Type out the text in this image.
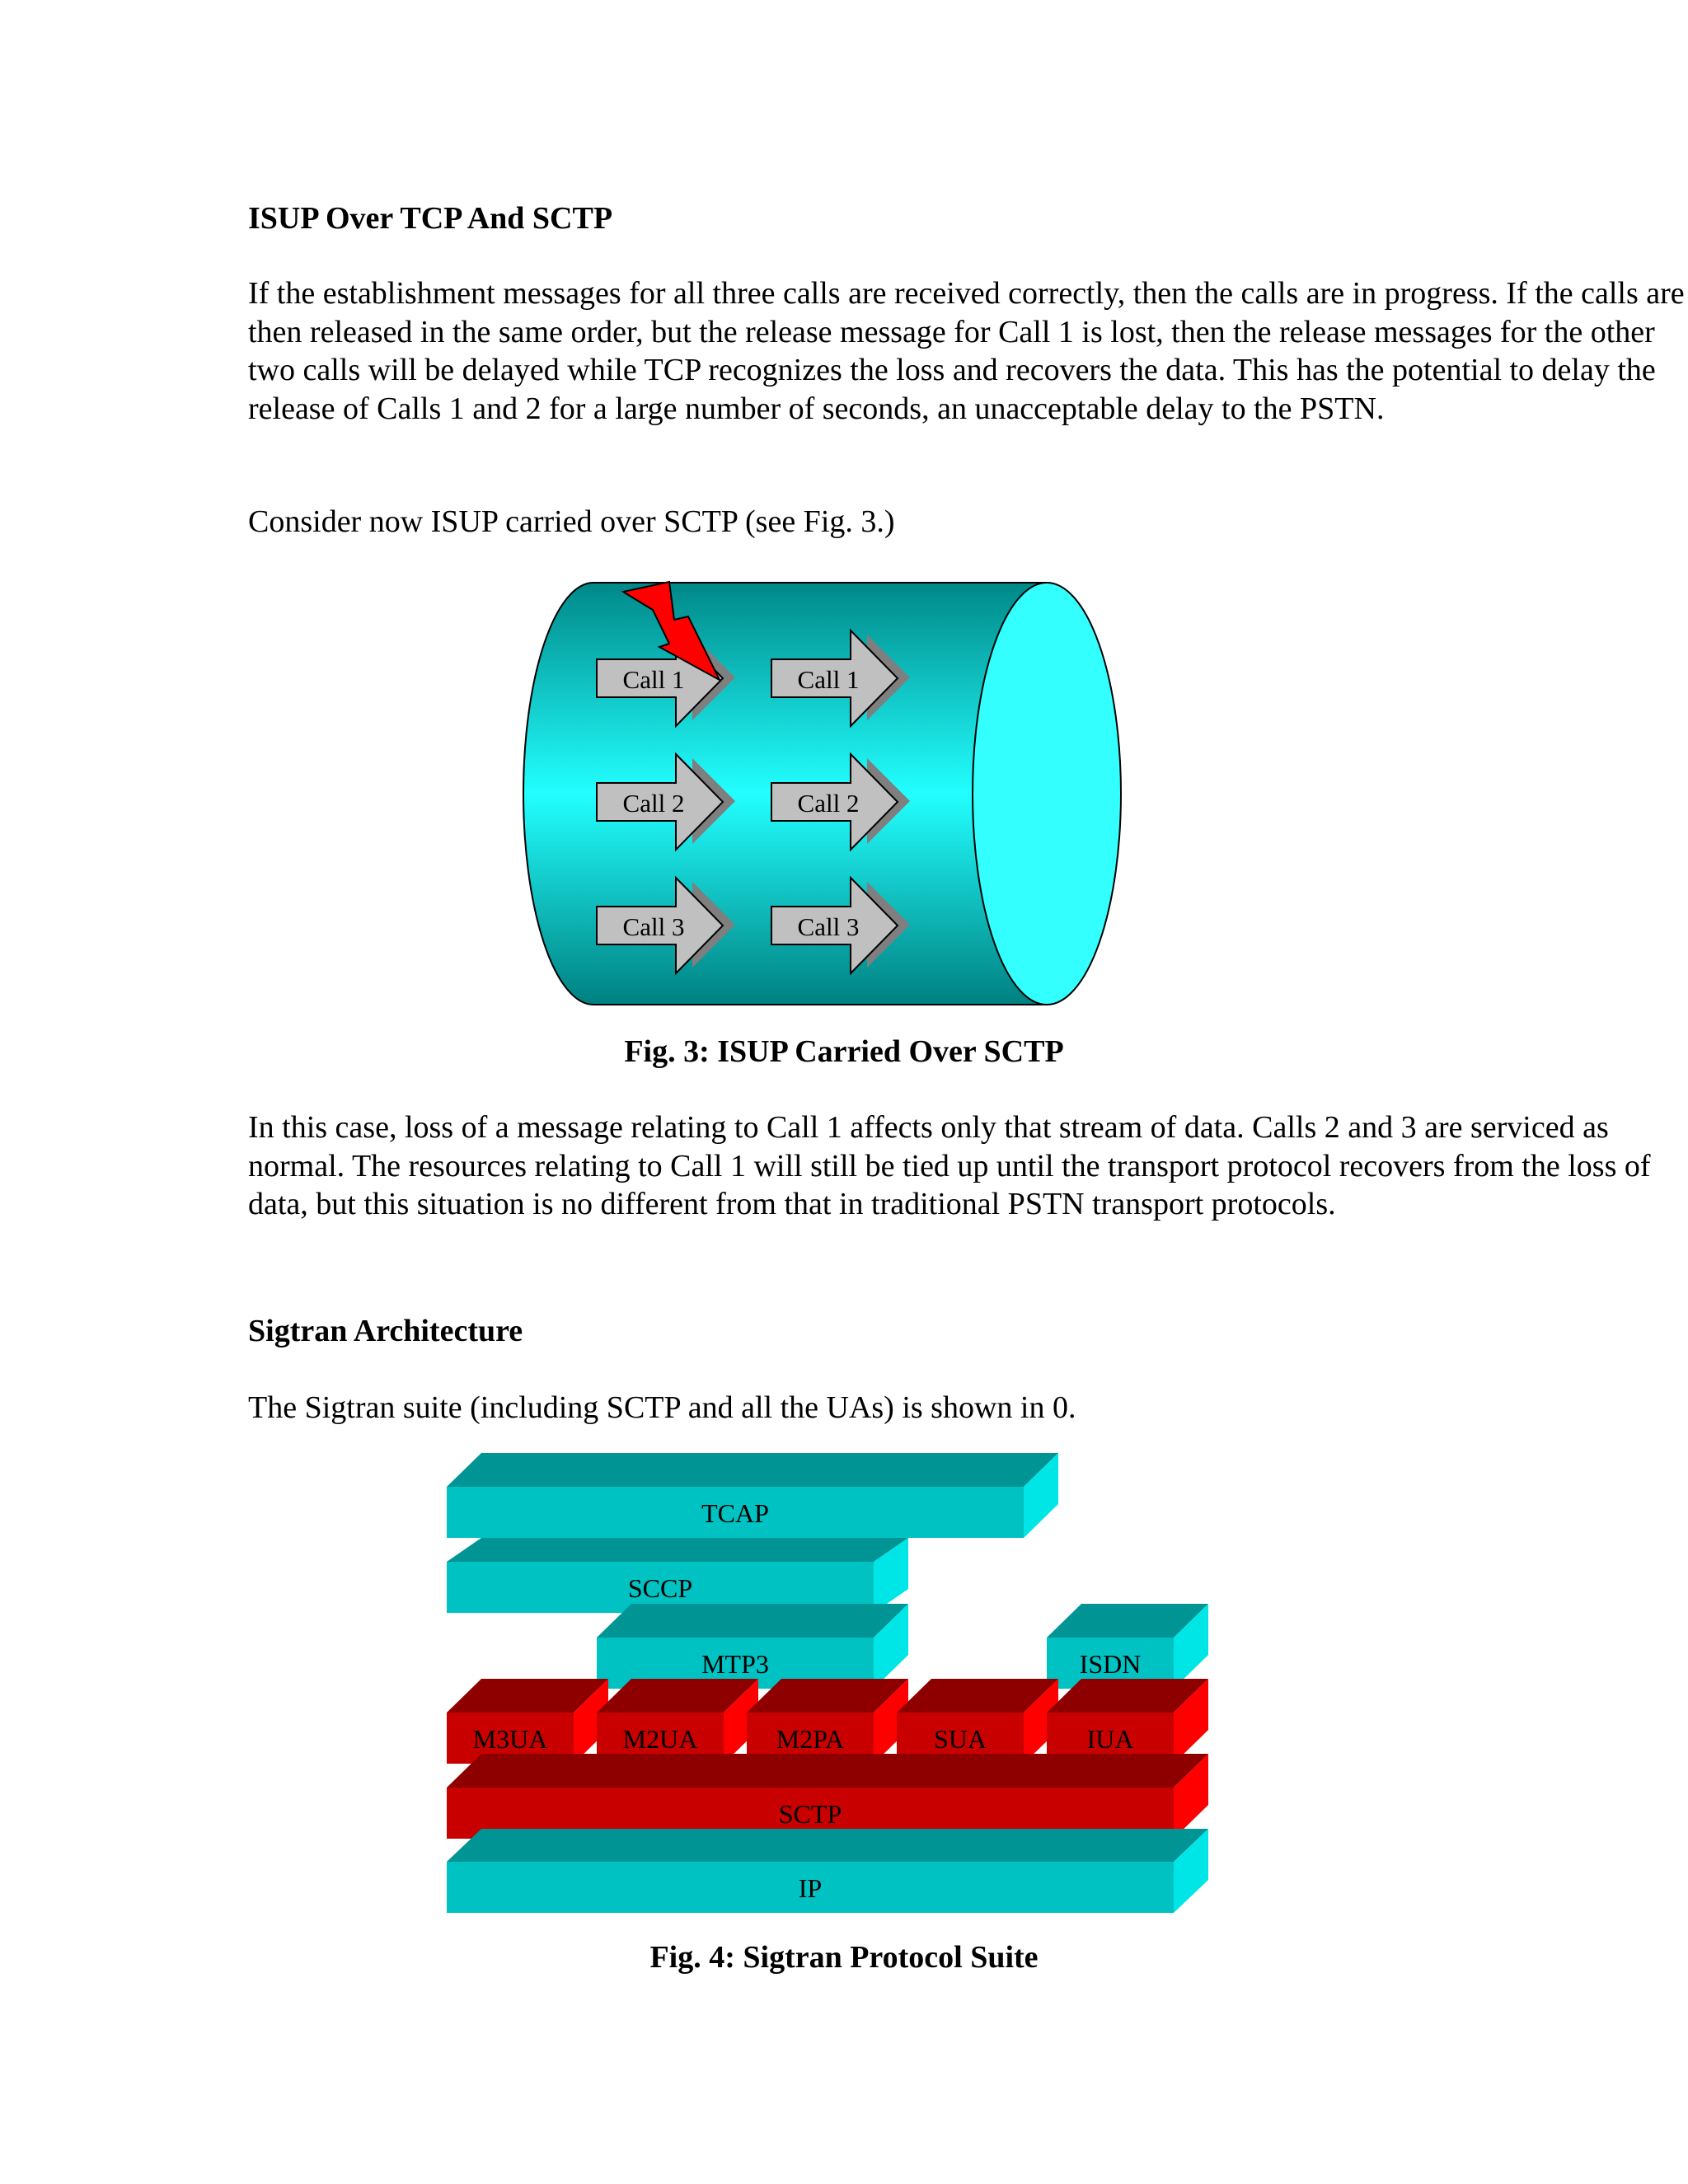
ISUP Over TCP And SCTP
If the establishment messages for all three calls are received correctly, then the calls are in progress. If the calls are then released in the same order, but the release message for Call 1 is lost, then the release messages for the other two calls will be delayed while TCP recognizes the loss and recovers the data. This has the potential to delay the release of Calls 1 and 2 for a large number of seconds, an unacceptable delay to the PSTN.
Consider now ISUP carried over SCTP (see Fig. 3.)
Call 1	Call 1
Call 2	Call 2
Call 3	Call 3
Fig. 3: ISUP Carried Over SCTP
In this case, loss of a message relating to Call 1 affects only that stream of data. Calls 2 and 3 are serviced as normal. The resources relating to Call 1 will still be tied up until the transport protocol recovers from the loss of data, but this situation is no different from that in traditional PSTN transport protocols.
Sigtran Architecture
The Sigtran suite (including SCTP and all the UAs) is shown in 0.
TCAP
SCCP
MTP3	ISDN
M3UA	M2UA	M2PA	SUA	IUA
SCTP
IP
Fig. 4: Sigtran Protocol Suite
